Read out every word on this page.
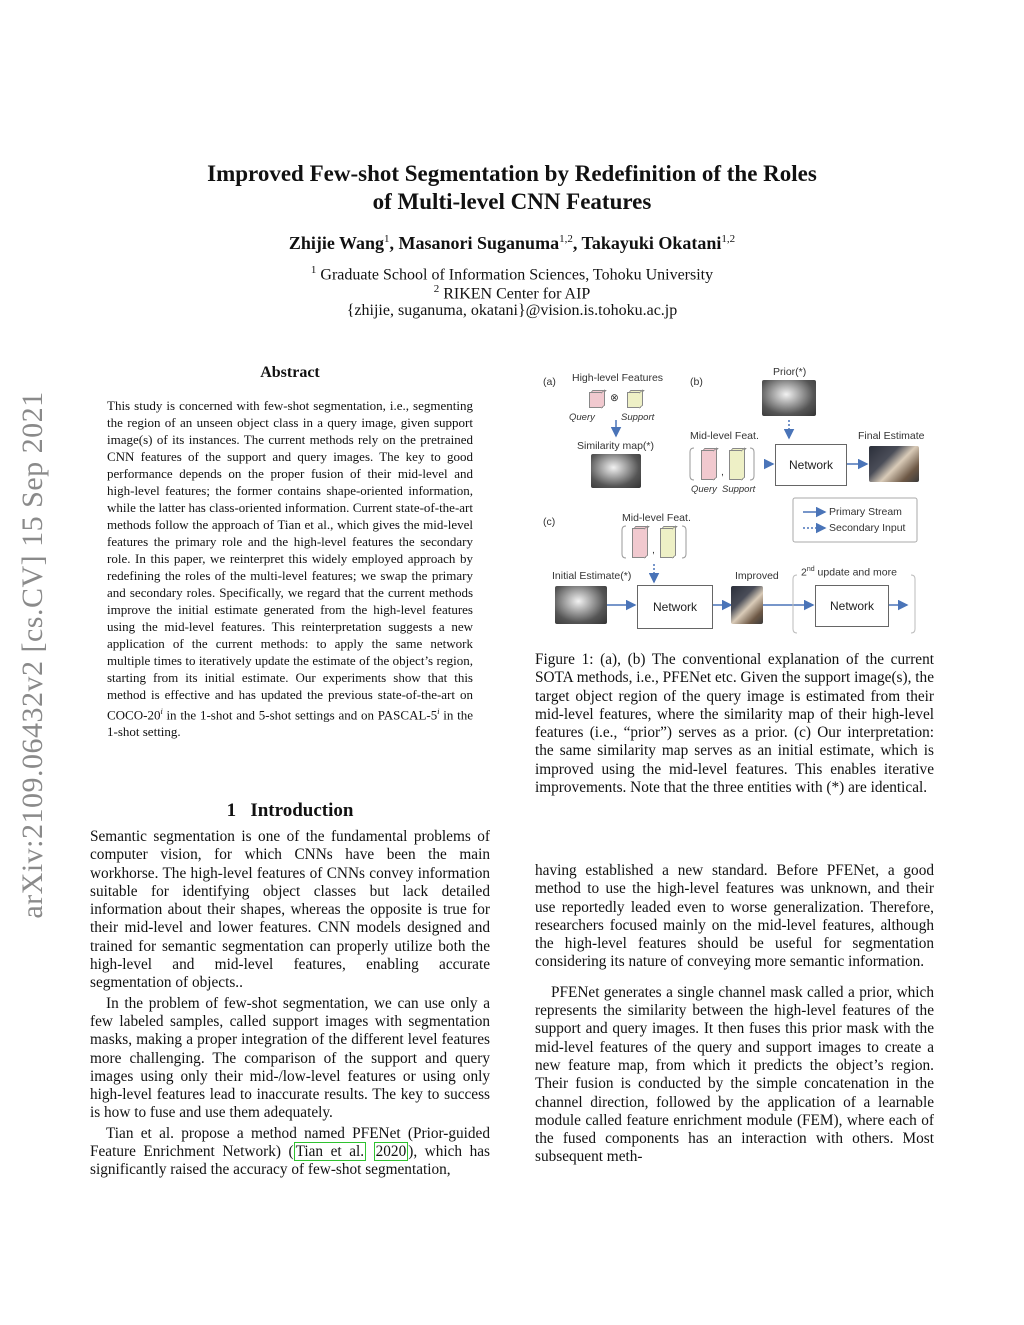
arXiv:2109.06432v2 [cs.CV] 15 Sep 2021
Improved Few-shot Segmentation by Redefinition of the Roles
of Multi-level CNN Features
Zhijie Wang$^1$, Masanori Suganuma$^{1,2}$, Takayuki Okatani$^{1,2}$
$^1$ Graduate School of Information Sciences, Tohoku University
$^2$ RIKEN Center for AIP
{zhijie, suganuma, okatani}@vision.is.tohoku.ac.jp
Abstract
This study is concerned with few-shot segmentation, i.e., segmenting the region of an unseen object class in a query image, given support image(s) of its instances. The current methods rely on the pretrained CNN features of the support and query images. The key to good performance depends on the proper fusion of their mid-level and high-level features; the former contains shape-oriented information, while the latter has class-oriented information. Current state-of-the-art methods follow the approach of Tian et al., which gives the mid-level features the primary role and the high-level features the secondary role. In this paper, we reinterpret this widely employed approach by redefining the roles of the multi-level features; we swap the primary and secondary roles. Specifically, we regard that the current methods improve the initial estimate generated from the high-level features using the mid-level features. This reinterpretation suggests a new application of the current methods: to apply the same network multiple times to iteratively update the estimate of the object’s region, starting from its initial estimate. Our experiments show that this method is effective and has updated the previous state-of-the-art on COCO-20$^i$ in the 1-shot and 5-shot settings and on PASCAL-5$^i$ in the 1-shot setting.
1 Introduction

Semantic segmentation is one of the fundamental problems of computer vision, for which CNNs have been the main workhorse. The high-level features of CNNs convey information suitable for identifying object classes but lack detailed information about their shapes, whereas the opposite is true for their mid-level and lower features. CNN models designed and trained for semantic segmentation can properly utilize both the high-level and mid-level features, enabling accurate segmentation of objects..

In the problem of few-shot segmentation, we can use only a few labeled samples, called support images with segmentation masks, making a proper integration of the different level features more challenging. The comparison of the support and query images using only their mid-/low-level features or using only high-level features lead to inaccurate results. The key to success is how to fuse and use them adequately.

Tian et al. propose a method named PFENet (Prior-guided Feature Enrichment Network) ( Tian et al. 2020 ), which has significantly raised the accuracy of few-shot segmentation,

having established a new standard. Before PFENet, a good method to use the high-level features was unknown, and their use reportedly leaded even to worse generalization. Therefore, researchers focused mainly on the mid-level features, although the high-level features should be useful for segmentation considering its nature of conveying more semantic information.

PFENet generates a single channel mask called a prior, which represents the similarity between the high-level features of the support and query images. It then fuses this prior mask with the mid-level features of the query and support images to create a new feature map, from which it predicts the object’s region. Their fusion is conducted by the simple concatenation in the channel direction, followed by the application of a learnable module called feature enrichment module (FEM), where each of the fused components has an interaction with others. Most subsequent meth-

(a) High-level Features
⊗
Query	Support
Similarity map(*)
(b)
Prior(*)
Mid-level Feat.
,
Query Support
Network
Final Estimate
Primary Stream
Secondary Input
(c)	Mid-level Feat.
,
Initial Estimate(*)
Network
Improved 2nd update and more
Network
Figure 1: (a), (b) The conventional explanation of the current SOTA methods, i.e., PFENet etc. Given the support image(s), the target object region of the query image is estimated from their mid-level features, where the similarity map of their high-level features (i.e., “prior”) serves as a prior. (c) Our interpretation: the same similarity map serves as an initial estimate, which is improved using the mid-level features. This enables iterative improvements. Note that the three entities with (*) are identical.
